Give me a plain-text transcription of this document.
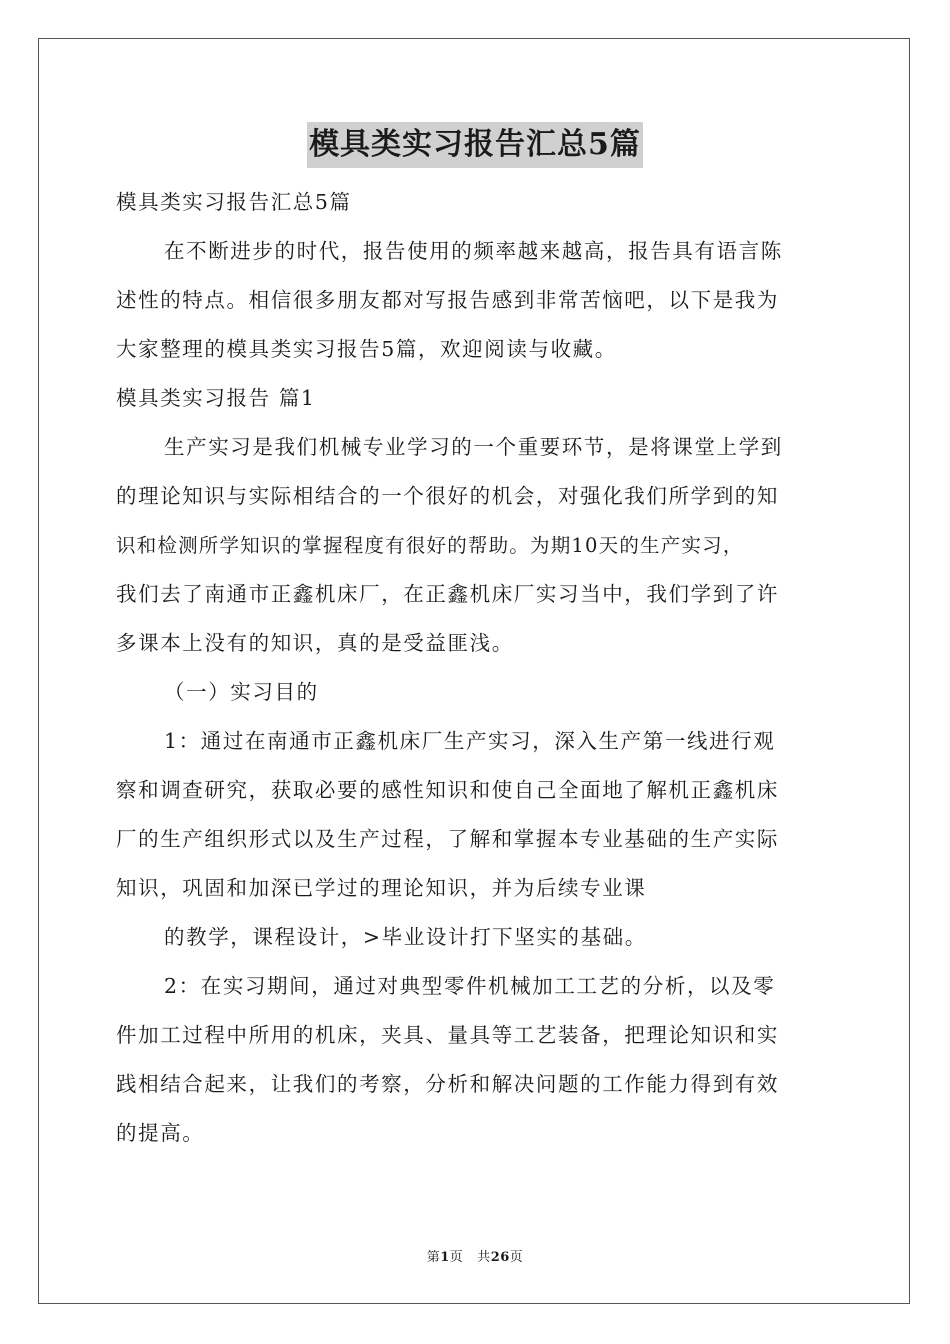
模具类实习报告汇总5篇
模具类实习报告汇总5篇
在不断进步的时代，报告使用的频率越来越高，报告具有语言陈
述性的特点。相信很多朋友都对写报告感到非常苦恼吧，以下是我为
大家整理的模具类实习报告5篇，欢迎阅读与收藏。
模具类实习报告 篇1
生产实习是我们机械专业学习的一个重要环节，是将课堂上学到
的理论知识与实际相结合的一个很好的机会，对强化我们所学到的知
识和检测所学知识的掌握程度有很好的帮助。为期10天的生产实习，
我们去了南通市正鑫机床厂，在正鑫机床厂实习当中，我们学到了许
多课本上没有的知识，真的是受益匪浅。
（一）实习目的
1：通过在南通市正鑫机床厂生产实习，深入生产第一线进行观
察和调查研究，获取必要的感性知识和使自己全面地了解机正鑫机床
厂的生产组织形式以及生产过程，了解和掌握本专业基础的生产实际
知识，巩固和加深已学过的理论知识，并为后续专业课
的教学，课程设计，>毕业设计打下坚实的基础。
2：在实习期间，通过对典型零件机械加工工艺的分析，以及零
件加工过程中所用的机床，夹具、量具等工艺装备，把理论知识和实
践相结合起来，让我们的考察，分析和解决问题的工作能力得到有效
的提高。
第1页 共26页
